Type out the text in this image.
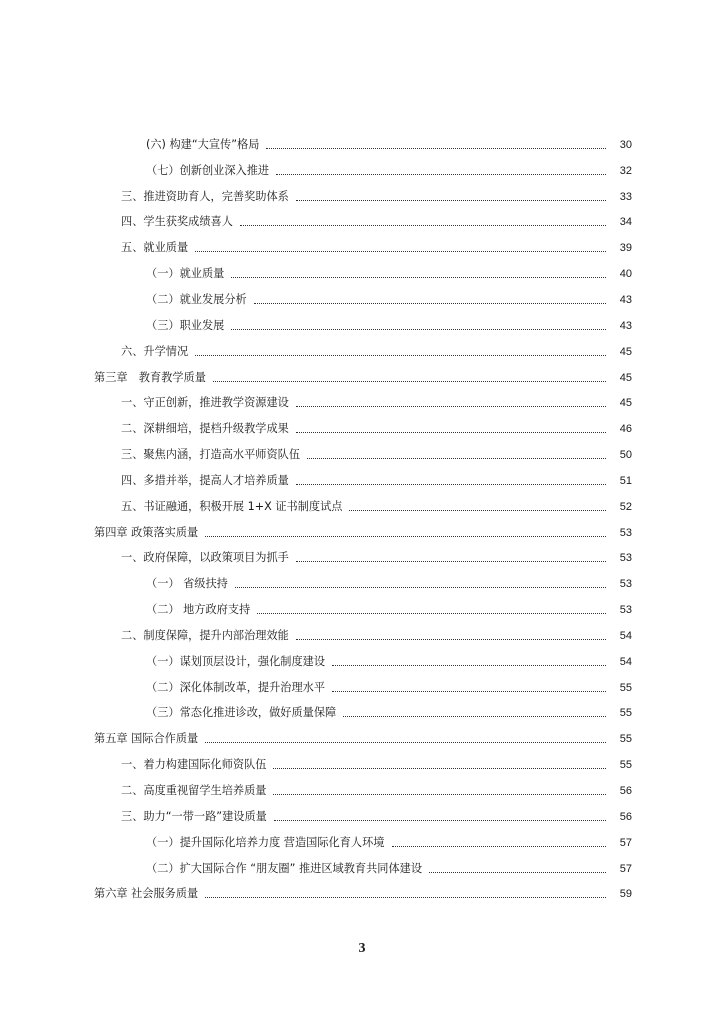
(六) 构建“大宣传”格局	30
（七）创新创业深入推进	32
三、推进资助育人，完善奖助体系	33
四、学生获奖成绩喜人	34
五、就业质量	39
（一）就业质量	40
（二）就业发展分析	43
（三）职业发展	43
六、升学情况	45
第三章　教育教学质量	45
一、守正创新，推进教学资源建设	45
二、深耕细培，提档升级教学成果	46
三、聚焦内涵，打造高水平师资队伍	50
四、多措并举，提高人才培养质量	51
五、书证融通，积极开展 1+X 证书制度试点	52
第四章 政策落实质量	53
一、政府保障，以政策项目为抓手	53
（一） 省级扶持	53
（二） 地方政府支持	53
二、制度保障，提升内部治理效能	54
（一）谋划顶层设计，强化制度建设	54
（二）深化体制改革，提升治理水平	55
（三）常态化推进诊改，做好质量保障	55
第五章 国际合作质量	55
一、着力构建国际化师资队伍	55
二、高度重视留学生培养质量	56
三、助力“一带一路”建设质量	56
（一）提升国际化培养力度 营造国际化育人环境	57
（二）扩大国际合作 “朋友圈” 推进区域教育共同体建设	57
第六章 社会服务质量	59
3
